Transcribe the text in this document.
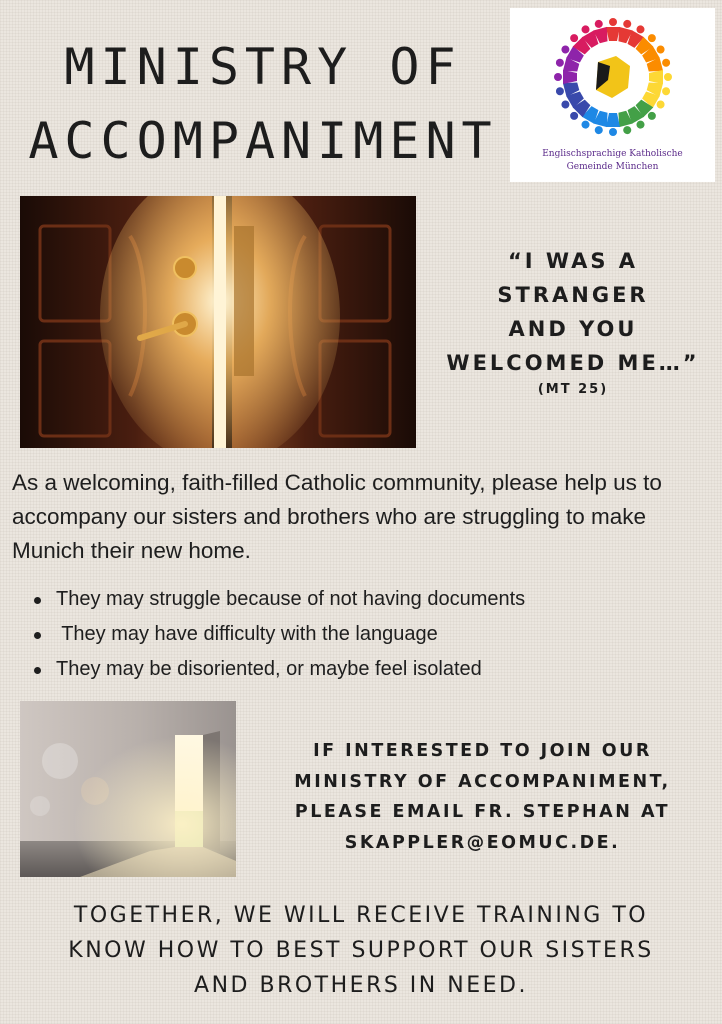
MINISTRY OF
ACCOMPANIMENT	Englischsprachige Katholische
Gemeinde München
“I WAS A
STRANGER
AND YOU
WELCOMED ME…”
(MT 25)

As a welcoming, faith-filled Catholic community, please help us to accompany our sisters and brothers who are struggling to make Munich their new home.

They may struggle because of not having documents
They may have difficulty with the language
They may be disoriented, or maybe feel isolated
IF INTERESTED TO JOIN OUR
MINISTRY OF ACCOMPANIMENT,
PLEASE EMAIL FR. STEPHAN AT
SKAPPLER@EOMUC.DE.
TOGETHER, WE WILL RECEIVE TRAINING TO
KNOW HOW TO BEST SUPPORT OUR SISTERS
AND BROTHERS IN NEED.
